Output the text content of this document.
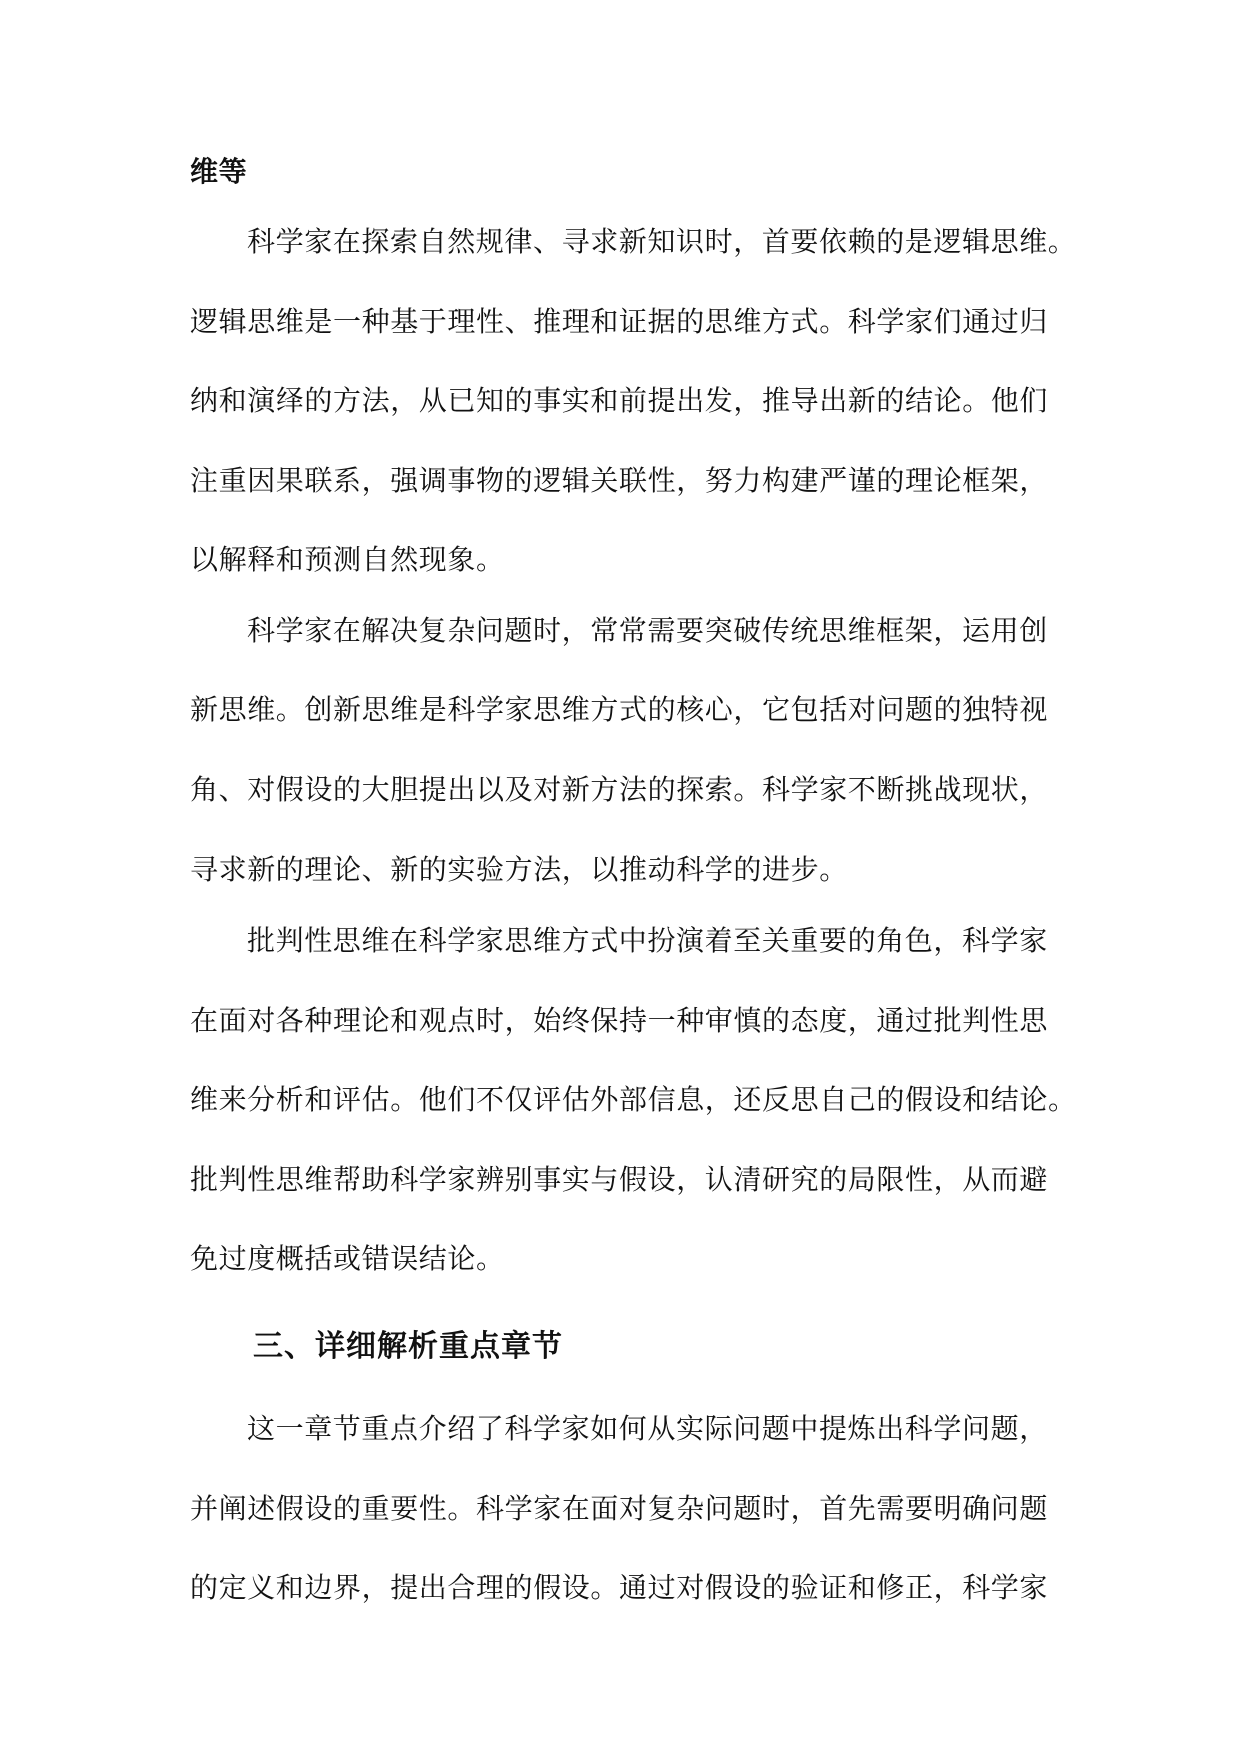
维等
科学家在探索自然规律、寻求新知识时，首要依赖的是逻辑思维。
逻辑思维是一种基于理性、推理和证据的思维方式。科学家们通过归
纳和演绎的方法，从已知的事实和前提出发，推导出新的结论。他们
注重因果联系，强调事物的逻辑关联性，努力构建严谨的理论框架，
以解释和预测自然现象。
科学家在解决复杂问题时，常常需要突破传统思维框架，运用创
新思维。创新思维是科学家思维方式的核心，它包括对问题的独特视
角、对假设的大胆提出以及对新方法的探索。科学家不断挑战现状，
寻求新的理论、新的实验方法，以推动科学的进步。
批判性思维在科学家思维方式中扮演着至关重要的角色，科学家
在面对各种理论和观点时，始终保持一种审慎的态度，通过批判性思
维来分析和评估。他们不仅评估外部信息，还反思自己的假设和结论。
批判性思维帮助科学家辨别事实与假设，认清研究的局限性，从而避
免过度概括或错误结论。
三、详细解析重点章节
这一章节重点介绍了科学家如何从实际问题中提炼出科学问题，
并阐述假设的重要性。科学家在面对复杂问题时，首先需要明确问题
的定义和边界，提出合理的假设。通过对假设的验证和修正，科学家
